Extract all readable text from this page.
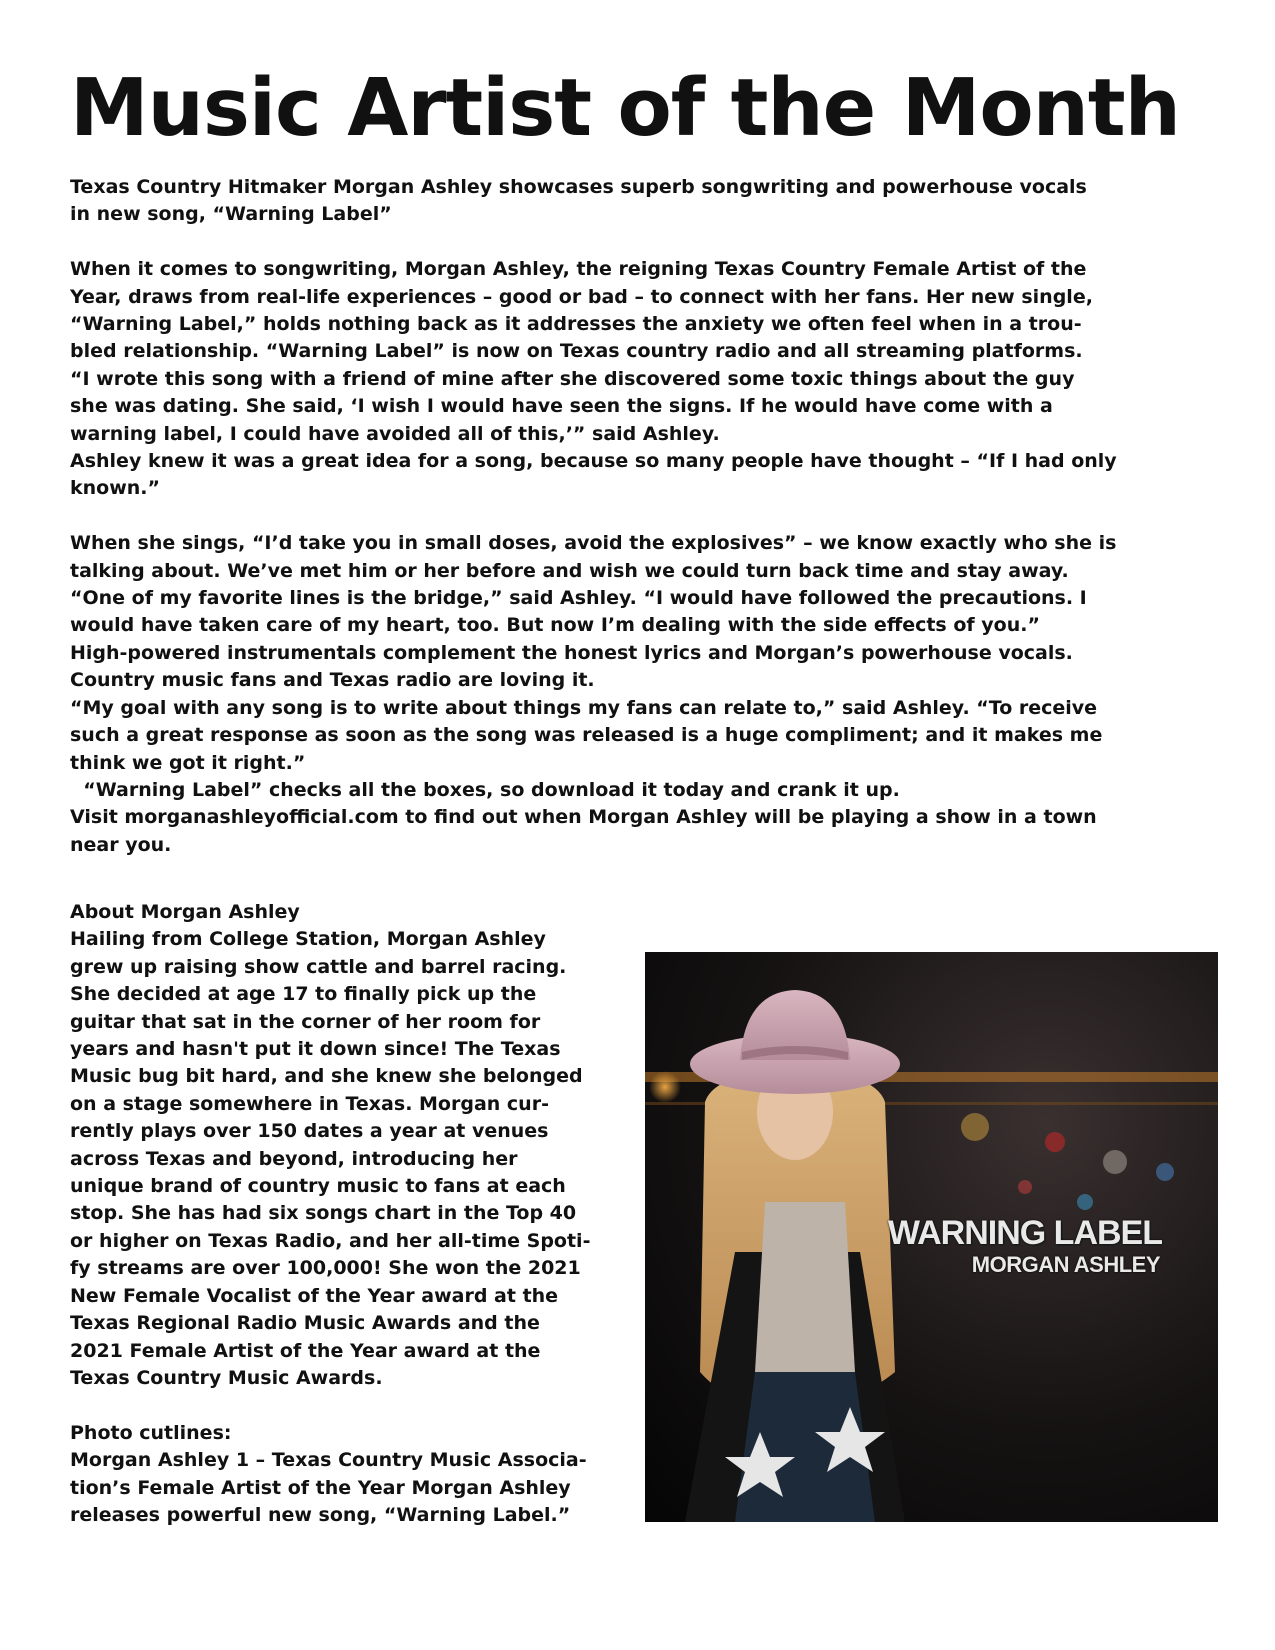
Music Artist of the Month

Texas Country Hitmaker Morgan Ashley showcases superb songwriting and powerhouse vocals
in new song, “Warning Label”

When it comes to songwriting, Morgan Ashley, the reigning Texas Country Female Artist of the
Year, draws from real-life experiences – good or bad – to connect with her fans. Her new single,
“Warning Label,” holds nothing back as it addresses the anxiety we often feel when in a trou-
bled relationship. “Warning Label” is now on Texas country radio and all streaming platforms.
“I wrote this song with a friend of mine after she discovered some toxic things about the guy
she was dating. She said, ‘I wish I would have seen the signs. If he would have come with a
warning label, I could have avoided all of this,’” said Ashley.
Ashley knew it was a great idea for a song, because so many people have thought – “If I had only
known.”

When she sings, “I’d take you in small doses, avoid the explosives” – we know exactly who she is
talking about. We’ve met him or her before and wish we could turn back time and stay away.
“One of my favorite lines is the bridge,” said Ashley. “I would have followed the precautions. I
would have taken care of my heart, too. But now I’m dealing with the side effects of you.”
High-powered instrumentals complement the honest lyrics and Morgan’s powerhouse vocals.
Country music fans and Texas radio are loving it.
“My goal with any song is to write about things my fans can relate to,” said Ashley. “To receive
such a great response as soon as the song was released is a huge compliment; and it makes me
think we got it right.”
“Warning Label” checks all the boxes, so download it today and crank it up.
Visit morganashleyofficial.com to find out when Morgan Ashley will be playing a show in a town
near you.

About Morgan Ashley
Hailing from College Station, Morgan Ashley
grew up raising show cattle and barrel racing.
She decided at age 17 to finally pick up the
guitar that sat in the corner of her room for
years and hasn't put it down since! The Texas
Music bug bit hard, and she knew she belonged
on a stage somewhere in Texas. Morgan cur-
rently plays over 150 dates a year at venues
across Texas and beyond, introducing her
unique brand of country music to fans at each
stop. She has had six songs chart in the Top 40
or higher on Texas Radio, and her all-time Spoti-
fy streams are over 100,000! She won the 2021
New Female Vocalist of the Year award at the
Texas Regional Radio Music Awards and the
2021 Female Artist of the Year award at the
Texas Country Music Awards.

Photo cutlines:
Morgan Ashley 1 – Texas Country Music Associa-
tion’s Female Artist of the Year Morgan Ashley
releases powerful new song, “Warning Label.”

WARNING LABEL
MORGAN ASHLEY
